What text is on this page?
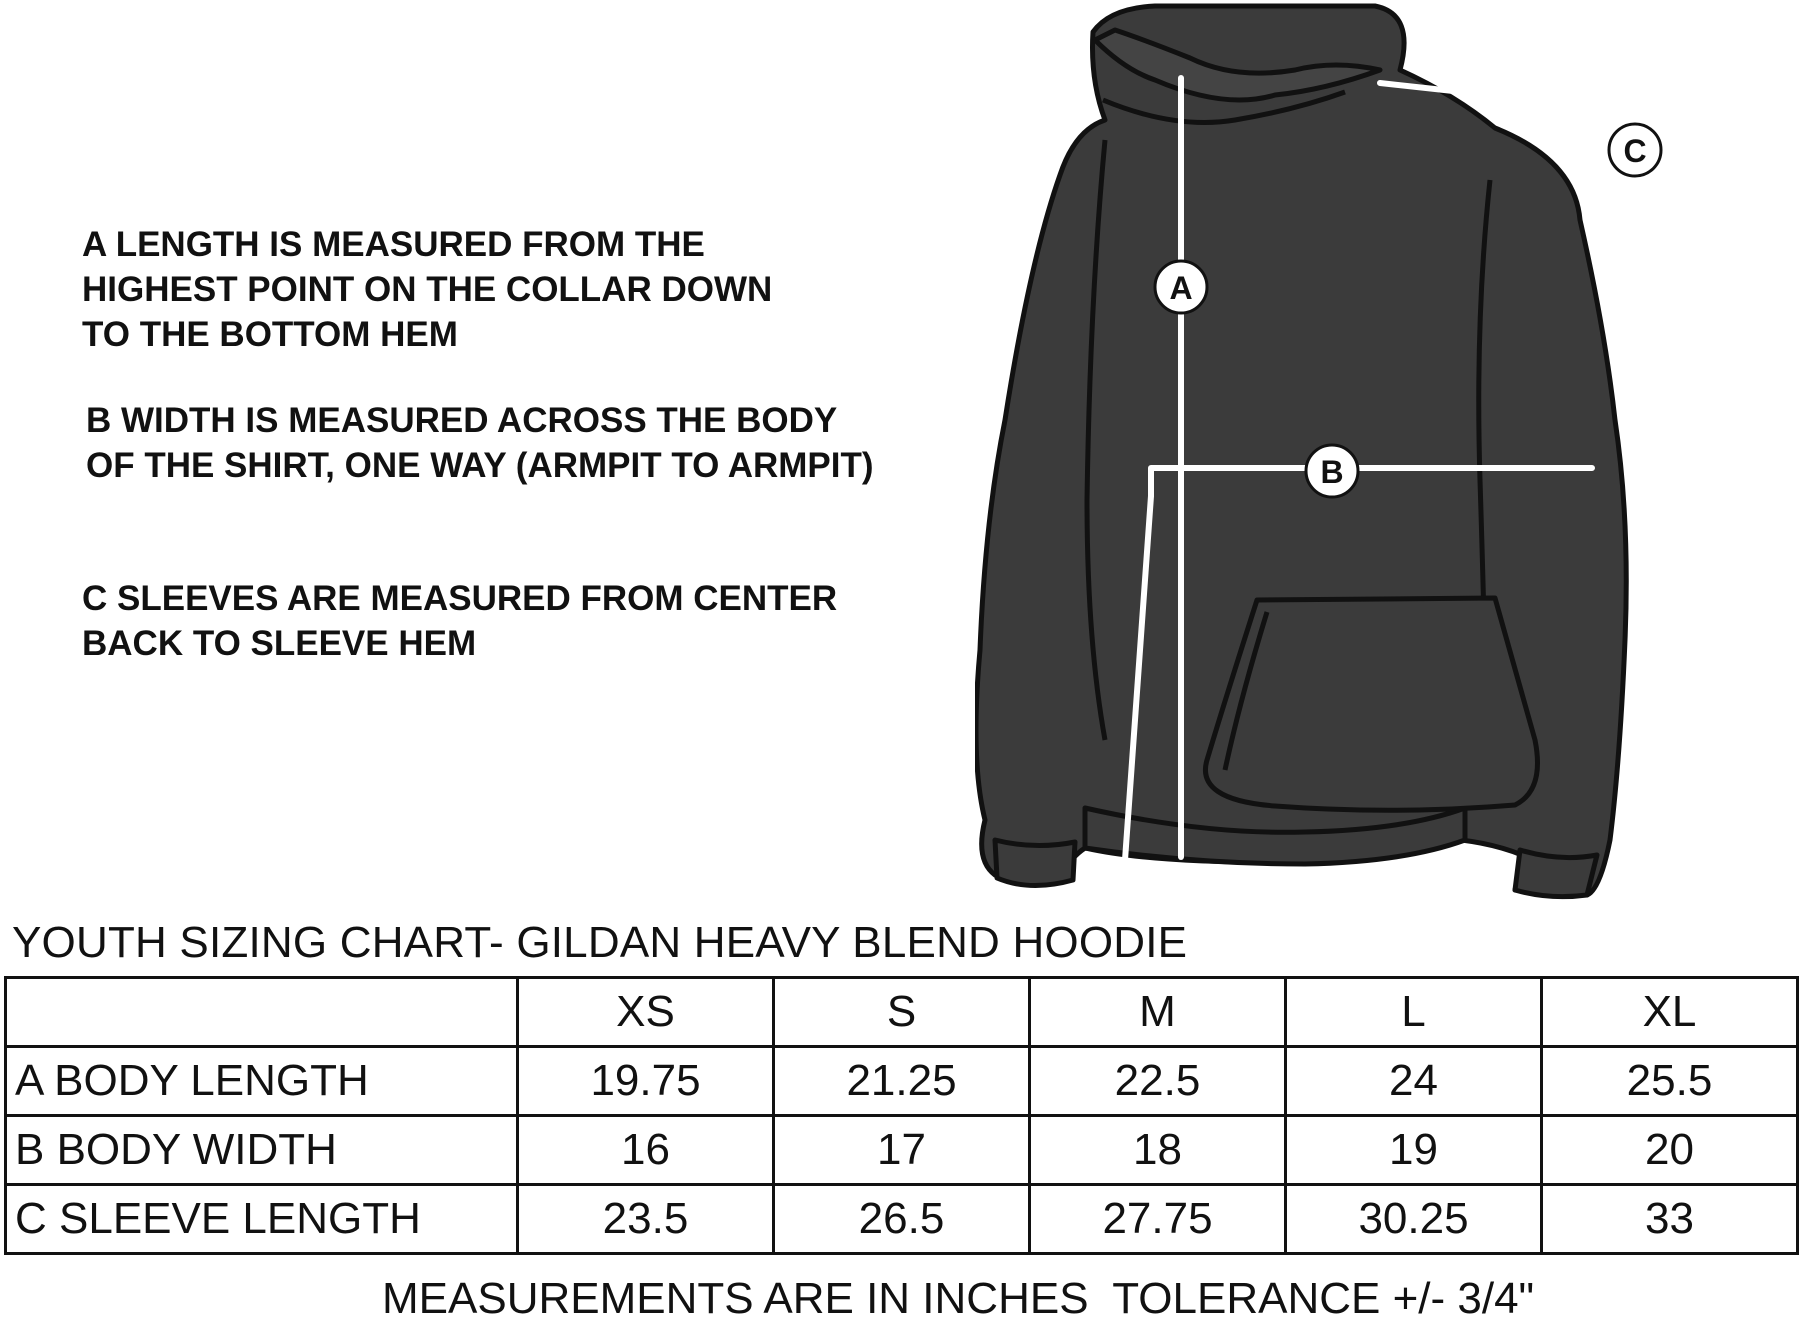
A LENGTH IS MEASURED FROM THE
HIGHEST POINT ON THE COLLAR DOWN
TO THE BOTTOM HEM

B WIDTH IS MEASURED ACROSS THE BODY
OF THE SHIRT, ONE WAY (ARMPIT TO ARMPIT)

C SLEEVES ARE MEASURED FROM CENTER
BACK TO SLEEVE HEM

A
B
C
YOUTH SIZING CHART- GILDAN HEAVY BLEND HOODIE
	XS	S	M	L	XL
A BODY LENGTH	19.75	21.25	22.5	24	25.5
B BODY WIDTH	16	17	18	19	20
C SLEEVE LENGTH	23.5	26.5	27.75	30.25	33
MEASUREMENTS ARE IN INCHES  TOLERANCE +/- 3/4"
